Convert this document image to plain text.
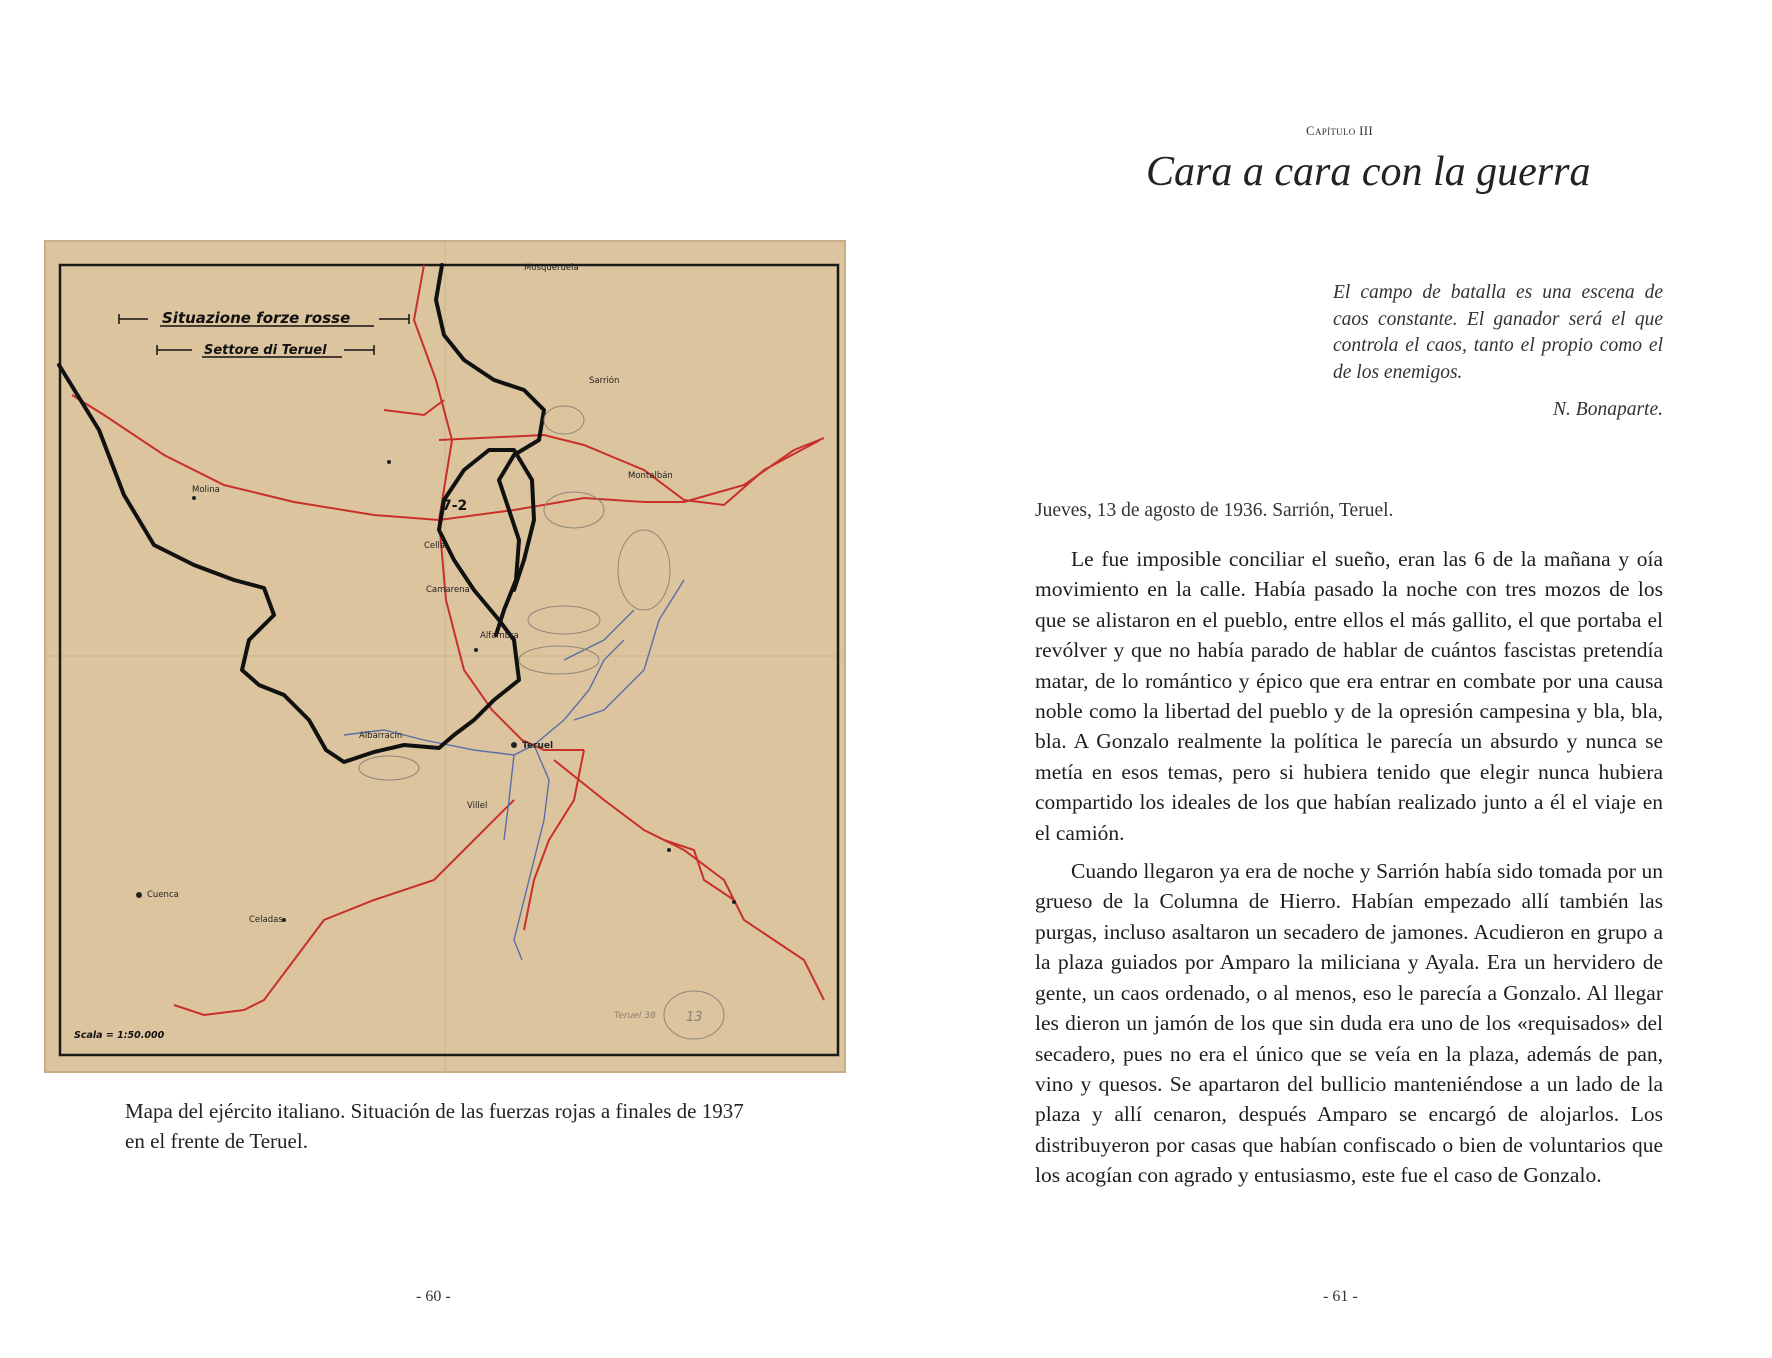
Situazione forze rosse
Settore di Teruel
7-2
Teruel
Cuenca
Celadas
Molina
Albarracín
Villel
Cella
Alfambra
Camarena
Mosqueruela
Sarrión
Montalbán
Scala = 1:50.000
Teruel 38 13
Mapa del ejército italiano. Situación de las fuerzas rojas a finales de 1937 en el frente de Teruel.
- 60 -
Capítulo III
Cara a cara con la guerra
El campo de batalla es una escena de caos constante. El ganador será el que controla el caos, tanto el propio como el de los enemigos.
N. Bonaparte.
Jueves, 13 de agosto de 1936. Sarrión, Teruel.

Le fue imposible conciliar el sueño, eran las 6 de la mañana y oía movimiento en la calle. Había pasado la noche con tres mozos de los que se alistaron en el pueblo, entre ellos el más gallito, el que portaba el revólver y que no había parado de hablar de cuántos fascistas pretendía matar, de lo romántico y épico que era entrar en combate por una causa noble como la libertad del pueblo y de la opresión campesina y bla, bla, bla. A Gonzalo realmente la política le parecía un absurdo y nunca se metía en esos temas, pero si hubiera tenido que elegir nunca hubiera compartido los ideales de los que habían realizado junto a él el viaje en el camión.

Cuando llegaron ya era de noche y Sarrión había sido tomada por un grueso de la Columna de Hierro. Habían empezado allí también las purgas, incluso asaltaron un secadero de jamones. Acudieron en grupo a la plaza guiados por Amparo la miliciana y Ayala. Era un hervidero de gente, un caos ordenado, o al menos, eso le parecía a Gonzalo. Al llegar les dieron un jamón de los que sin duda era uno de los «requisados» del secadero, pues no era el único que se veía en la plaza, además de pan, vino y quesos. Se apartaron del bullicio manteniéndose a un lado de la plaza y allí cenaron, después Amparo se encargó de alojarlos. Los distribuyeron por casas que habían confiscado o bien de voluntarios que los acogían con agrado y entusiasmo, este fue el caso de Gonzalo.

- 61 -
